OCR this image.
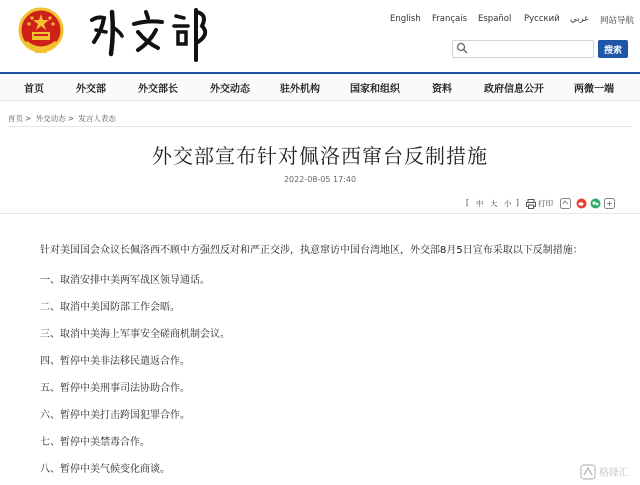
English Français Español Русский عربي 网站导航
搜索
首页	外交部	外交部长	外交动态	驻外机构	国家和组织	资料	政府信息公开	两微一端
首页 > 外交动态 > 发言人表态
外交部宣布针对佩洛西窜台反制措施
2022-08-05 17:40
[ 中 大 小 ]	打印
针对美国国会众议长佩洛西不顾中方强烈反对和严正交涉，执意窜访中国台湾地区，外交部8月5日宣布采取以下反制措施：
一、取消安排中美两军战区领导通话。
二、取消中美国防部工作会晤。
三、取消中美海上军事安全磋商机制会议。
四、暂停中美非法移民遣返合作。
五、暂停中美刑事司法协助合作。
六、暂停中美打击跨国犯罪合作。
七、暂停中美禁毒合作。
八、暂停中美气候变化商谈。	格隆汇
